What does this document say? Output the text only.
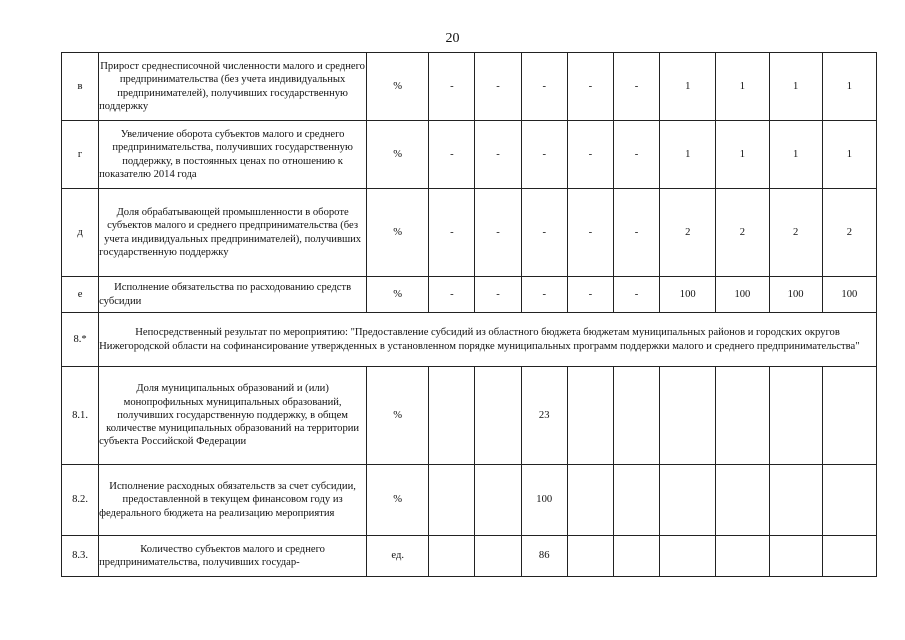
20
в	Прирост среднесписочной численности малого и среднего предпринимательства (без учета индивидуальных предпринимателей), получивших государственную поддержку	%	-	-	-	-	-	1	1	1	1
г	Увеличение оборота субъектов малого и среднего предпринимательства, получивших государственную поддержку, в постоянных ценах по отношению к показателю 2014 года	%	-	-	-	-	-	1	1	1	1
д	Доля обрабатывающей промышленности в обороте субъектов малого и среднего предпринимательства (без учета индивидуальных предпринимателей), получивших государственную поддержку	%	-	-	-	-	-	2	2	2	2
е	Исполнение обязательства по расходованию средств субсидии	%	-	-	-	-	-	100	100	100	100
8.*	Непосредственный результат по мероприятию: "Предоставление субсидий из областного бюджета бюджетам муниципальных районов и городских округов Нижегородской области на софинансирование утвержденных в установленном порядке муниципальных программ поддержки малого и среднего предпринимательства"										
8.1.	Доля муниципальных образований и (или) монопрофильных муниципальных образований, получивших государственную поддержку, в общем количестве муниципальных образований на территории субъекта Российской Федерации	%			23						
8.2.	Исполнение расходных обязательств за счет субсидии, предоставленной в текущем финансовом году из федерального бюджета на реализацию мероприятия	%			100						
8.3.	Количество субъектов малого и среднего предпринимательства, получивших государ-	ед.			86						
